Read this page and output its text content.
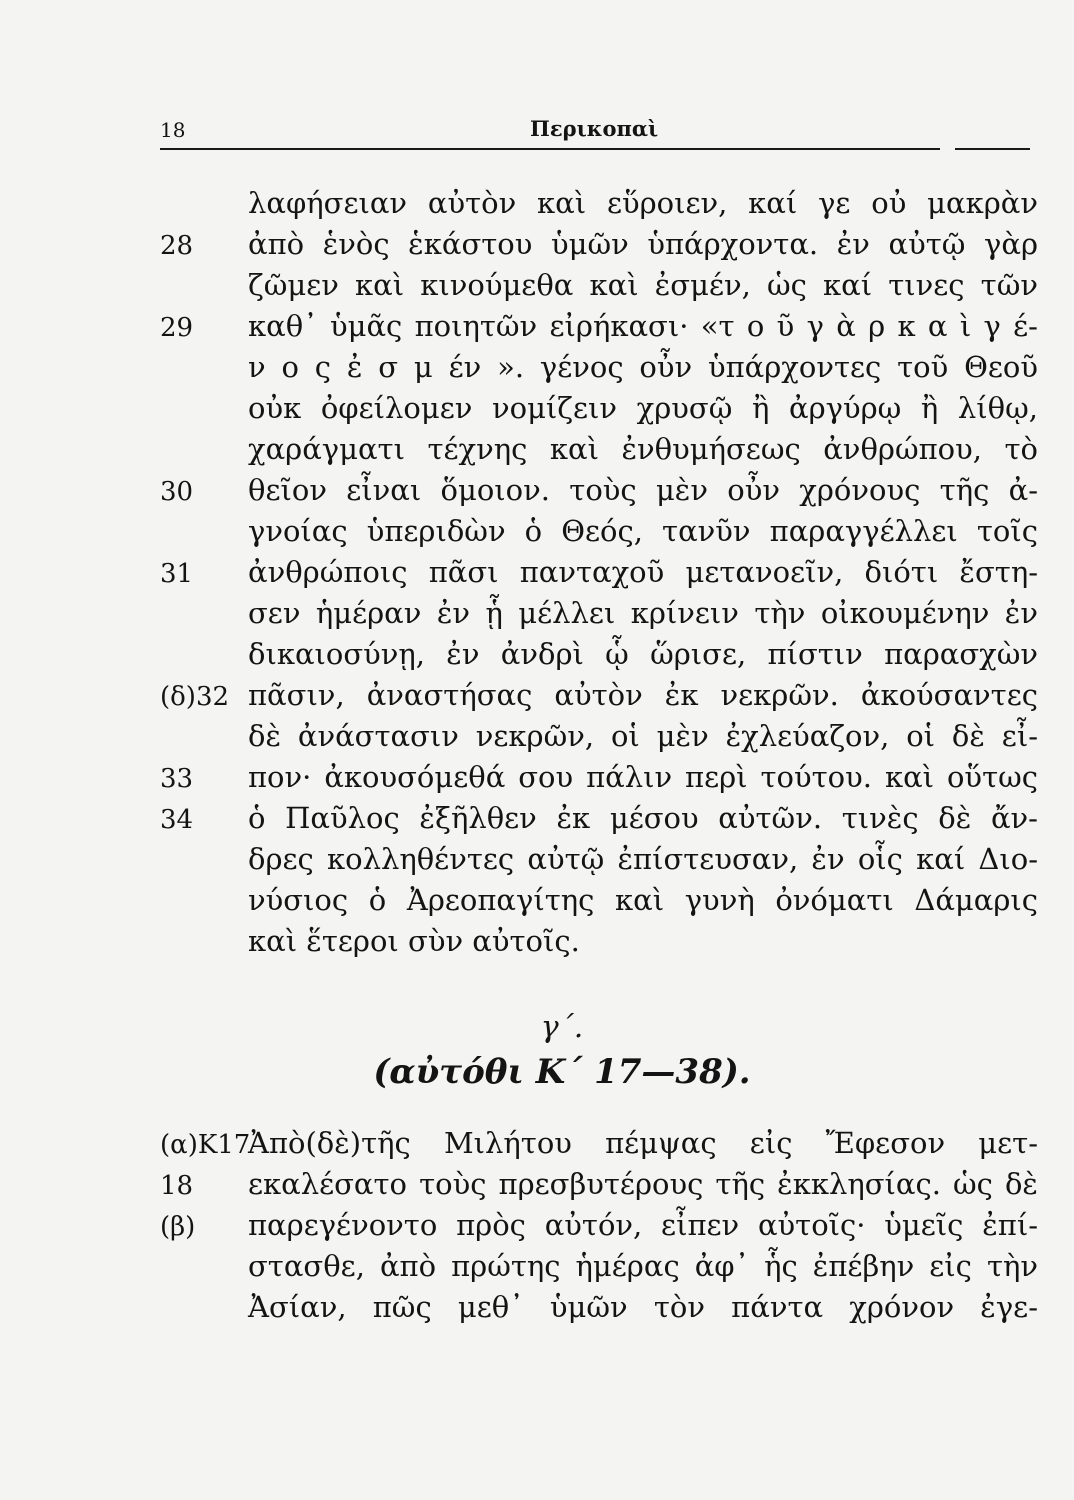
18	Περικοπαὶ
λαφήσειαν αὐτὸν καὶ εὕροιεν, καί γε οὐ μακρὰν
28 ἀπὸ ἑνὸς ἑκάστου ὑμῶν ὑπάρχοντα. ἐν αὐτῷ γὰρ
ζῶμεν καὶ κινούμεθα καὶ ἐσμέν, ὡς καί τινες τῶν
29 καθ᾽ ὑμᾶς ποιητῶν εἰρήκασι· «τ ο ῦ γ ὰ ρ κ α ὶ γ έ-
ν ο ς ἐ σ μ έν ». γένος οὖν ὑπάρχοντες τοῦ Θεοῦ
οὐκ ὀφείλομεν νομίζειν χρυσῷ ἢ ἀργύρῳ ἢ λίθῳ,
χαράγματι τέχνης καὶ ἐνθυμήσεως ἀνθρώπου, τὸ
30 θεῖον εἶναι ὅμοιον. τοὺς μὲν οὖν χρόνους τῆς ἀ-
γνοίας ὑπεριδὼν ὁ Θεός, τανῦν παραγγέλλει τοῖς
31 ἀνθρώποις πᾶσι πανταχοῦ μετανοεῖν, διότι ἔστη-
σεν ἡμέραν ἐν ᾗ μέλλει κρίνειν τὴν οἰκουμένην ἐν
δικαιοσύνῃ, ἐν ἀνδρὶ ᾧ ὥρισε, πίστιν παρασχὼν
(δ)32 πᾶσιν, ἀναστήσας αὐτὸν ἐκ νεκρῶν. ἀκούσαντες
δὲ ἀνάστασιν νεκρῶν, οἱ μὲν ἐχλεύαζον, οἱ δὲ εἶ-
33 πον· ἀκουσόμεθά σου πάλιν περὶ τούτου. καὶ οὕτως
34 ὁ Παῦλος ἐξῆλθεν ἐκ μέσου αὐτῶν. τινὲς δὲ ἄν-
δρες κολληθέντες αὐτῷ ἐπίστευσαν, ἐν οἷς καί Διο-
νύσιος ὁ Ἀρεοπαγίτης καὶ γυνὴ ὀνόματι Δάμαρις
καὶ ἕτεροι σὺν αὐτοῖς.
γ΄.
(αὐτόθι Κ΄ 17—38).
(α)Κ17
Ἀπὸ(δὲ)τῆς Μιλήτου πέμψας εἰς Ἔφεσον μετ-
18 εκαλέσατο τοὺς πρεσβυτέρους τῆς ἐκκλησίας. ὡς δὲ
(β) παρεγένοντο πρὸς αὐτόν, εἶπεν αὐτοῖς· ὑμεῖς ἐπί-
στασθε, ἀπὸ πρώτης ἡμέρας ἀφ᾽ ἧς ἐπέβην εἰς τὴν
Ἀσίαν, πῶς μεθ᾽ ὑμῶν τὸν πάντα χρόνον ἐγε-
